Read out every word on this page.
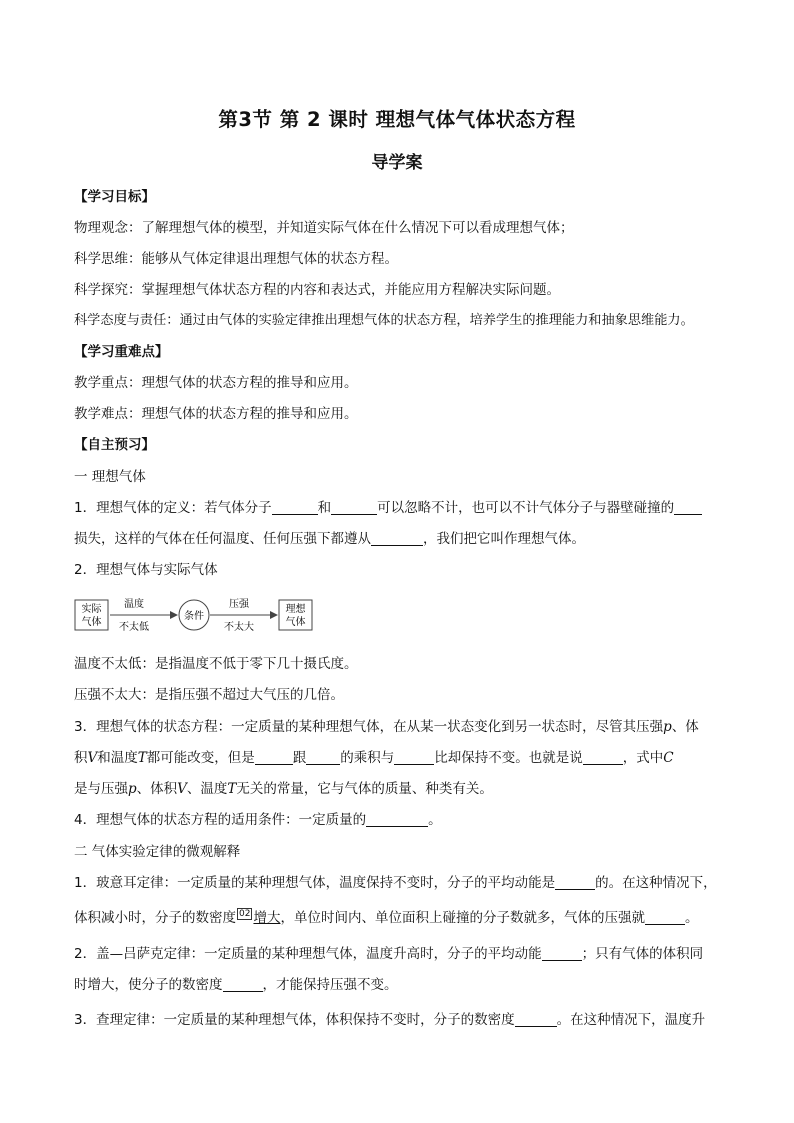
第3节 第 2 课时 理想气体气体状态方程
导学案
【学习目标】
物理观念：了解理想气体的模型，并知道实际气体在什么情况下可以看成理想气体；
科学思维：能够从气体定律退出理想气体的状态方程。
科学探究：掌握理想气体状态方程的内容和表达式，并能应用方程解决实际问题。
科学态度与责任：通过由气体的实验定律推出理想气体的状态方程，培养学生的推理能力和抽象思维能力。
【学习重难点】
教学重点：理想气体的状态方程的推导和应用。
教学难点：理想气体的状态方程的推导和应用。
【自主预习】
一 理想气体
1．理想气体的定义：若气体分子	和	可以忽略不计，也可以不计气体分子与器壁碰撞的
损失，这样的气体在任何温度、任何压强下都遵从	，我们把它叫作理想气体。
2．理想气体与实际气体
实际
气体
温度
不太低
条件
压强
不太大
理想
气体
温度不太低：是指温度不低于零下几十摄氏度。
压强不太大：是指压强不超过大气压的几倍。
3．理想气体的状态方程：一定质量的某种理想气体，在从某一状态变化到另一状态时，尽管其压强p、体
积V和温度T都可能改变，但是	跟	的乘积与	比却保持不变。也就是说	，式中C
是与压强p、体积V、温度T无关的常量，它与气体的质量、种类有关。
4．理想气体的状态方程的适用条件：一定质量的	。
二 气体实验定律的微观解释
1．玻意耳定律：一定质量的某种理想气体，温度保持不变时，分子的平均动能是	的。在这种情况下，
体积减小时，分子的数密度 02 增大，单位时间内、单位面积上碰撞的分子数就多，气体的压强就	。
2．盖—吕萨克定律：一定质量的某种理想气体，温度升高时，分子的平均动能	；只有气体的体积同
时增大，使分子的数密度	，才能保持压强不变。
3．查理定律：一定质量的某种理想气体，体积保持不变时，分子的数密度	。在这种情况下，温度升
